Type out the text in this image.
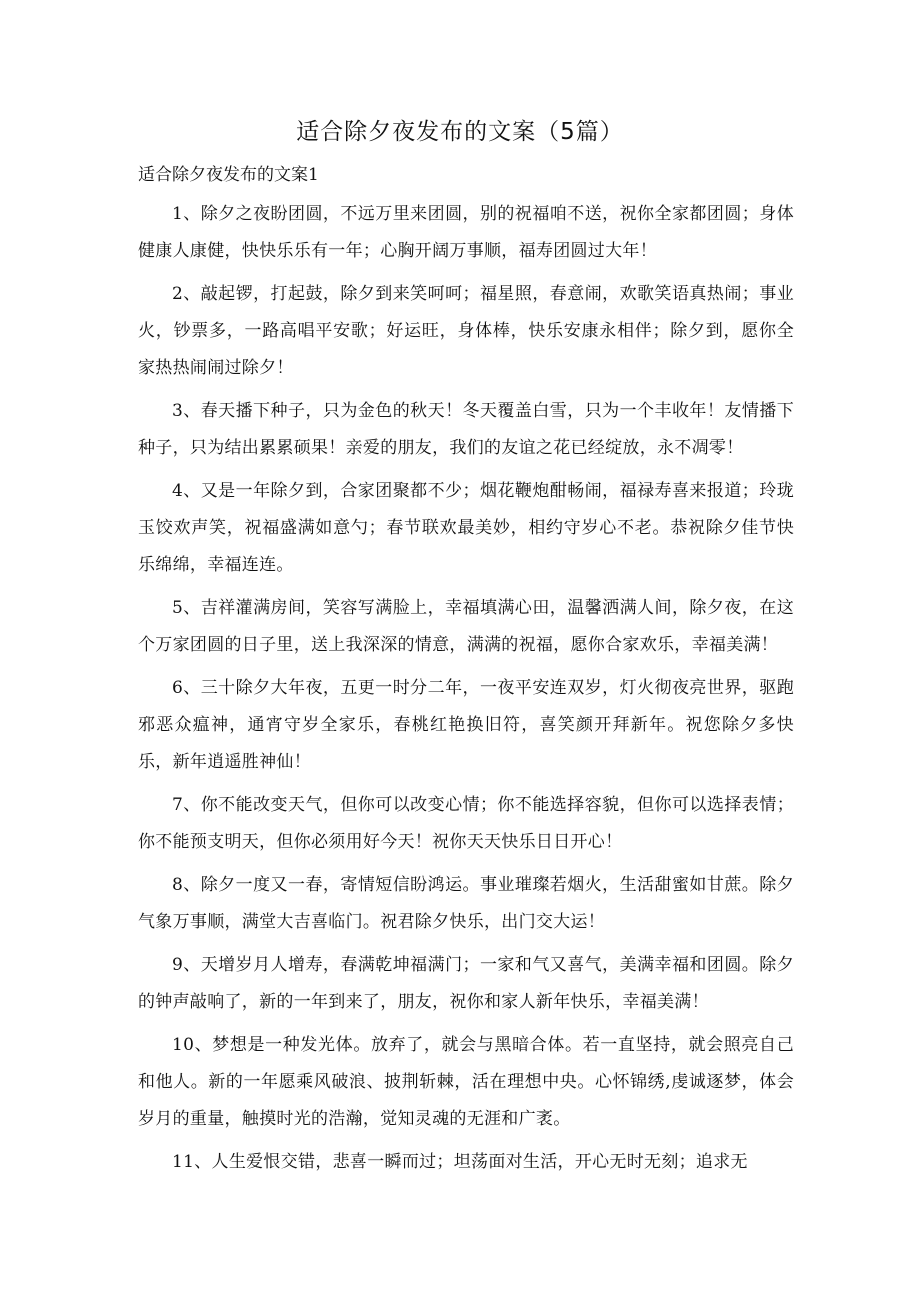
适合除夕夜发布的文案（5篇）

适合除夕夜发布的文案1

1、除夕之夜盼团圆，不远万里来团圆，别的祝福咱不送，祝你全家都团圆；身体健康人康健，快快乐乐有一年；心胸开阔万事顺，福寿团圆过大年！

2、敲起锣，打起鼓，除夕到来笑呵呵；福星照，春意闹，欢歌笑语真热闹；事业火，钞票多，一路高唱平安歌；好运旺，身体棒，快乐安康永相伴；除夕到，愿你全家热热闹闹过除夕！

3、春天播下种子，只为金色的秋天！冬天覆盖白雪，只为一个丰收年！友情播下种子，只为结出累累硕果！亲爱的朋友，我们的友谊之花已经绽放，永不凋零！

4、又是一年除夕到，合家团聚都不少；烟花鞭炮酣畅闹，福禄寿喜来报道；玲珑玉饺欢声笑，祝福盛满如意勺；春节联欢最美妙，相约守岁心不老。恭祝除夕佳节快乐绵绵，幸福连连。

5、吉祥灌满房间，笑容写满脸上，幸福填满心田，温馨洒满人间，除夕夜，在这个万家团圆的日子里，送上我深深的情意，满满的祝福，愿你合家欢乐，幸福美满！

6、三十除夕大年夜，五更一时分二年，一夜平安连双岁，灯火彻夜亮世界，驱跑邪恶众瘟神，通宵守岁全家乐，春桃红艳换旧符，喜笑颜开拜新年。祝您除夕多快乐，新年逍遥胜神仙！

7、你不能改变天气，但你可以改变心情；你不能选择容貌，但你可以选择表情；你不能预支明天，但你必须用好今天！祝你天天快乐日日开心！

8、除夕一度又一春，寄情短信盼鸿运。事业璀璨若烟火，生活甜蜜如甘蔗。除夕气象万事顺，满堂大吉喜临门。祝君除夕快乐，出门交大运！

9、天增岁月人增寿，春满乾坤福满门；一家和气又喜气，美满幸福和团圆。除夕的钟声敲响了，新的一年到来了，朋友，祝你和家人新年快乐，幸福美满！

10、梦想是一种发光体。放弃了，就会与黑暗合体。若一直坚持，就会照亮自己和他人。新的一年愿乘风破浪、披荆斩棘，活在理想中央。心怀锦绣,虔诚逐梦，体会岁月的重量，触摸时光的浩瀚，觉知灵魂的无涯和广袤。

11、人生爱恨交错，悲喜一瞬而过；坦荡面对生活，开心无时无刻；追求无
